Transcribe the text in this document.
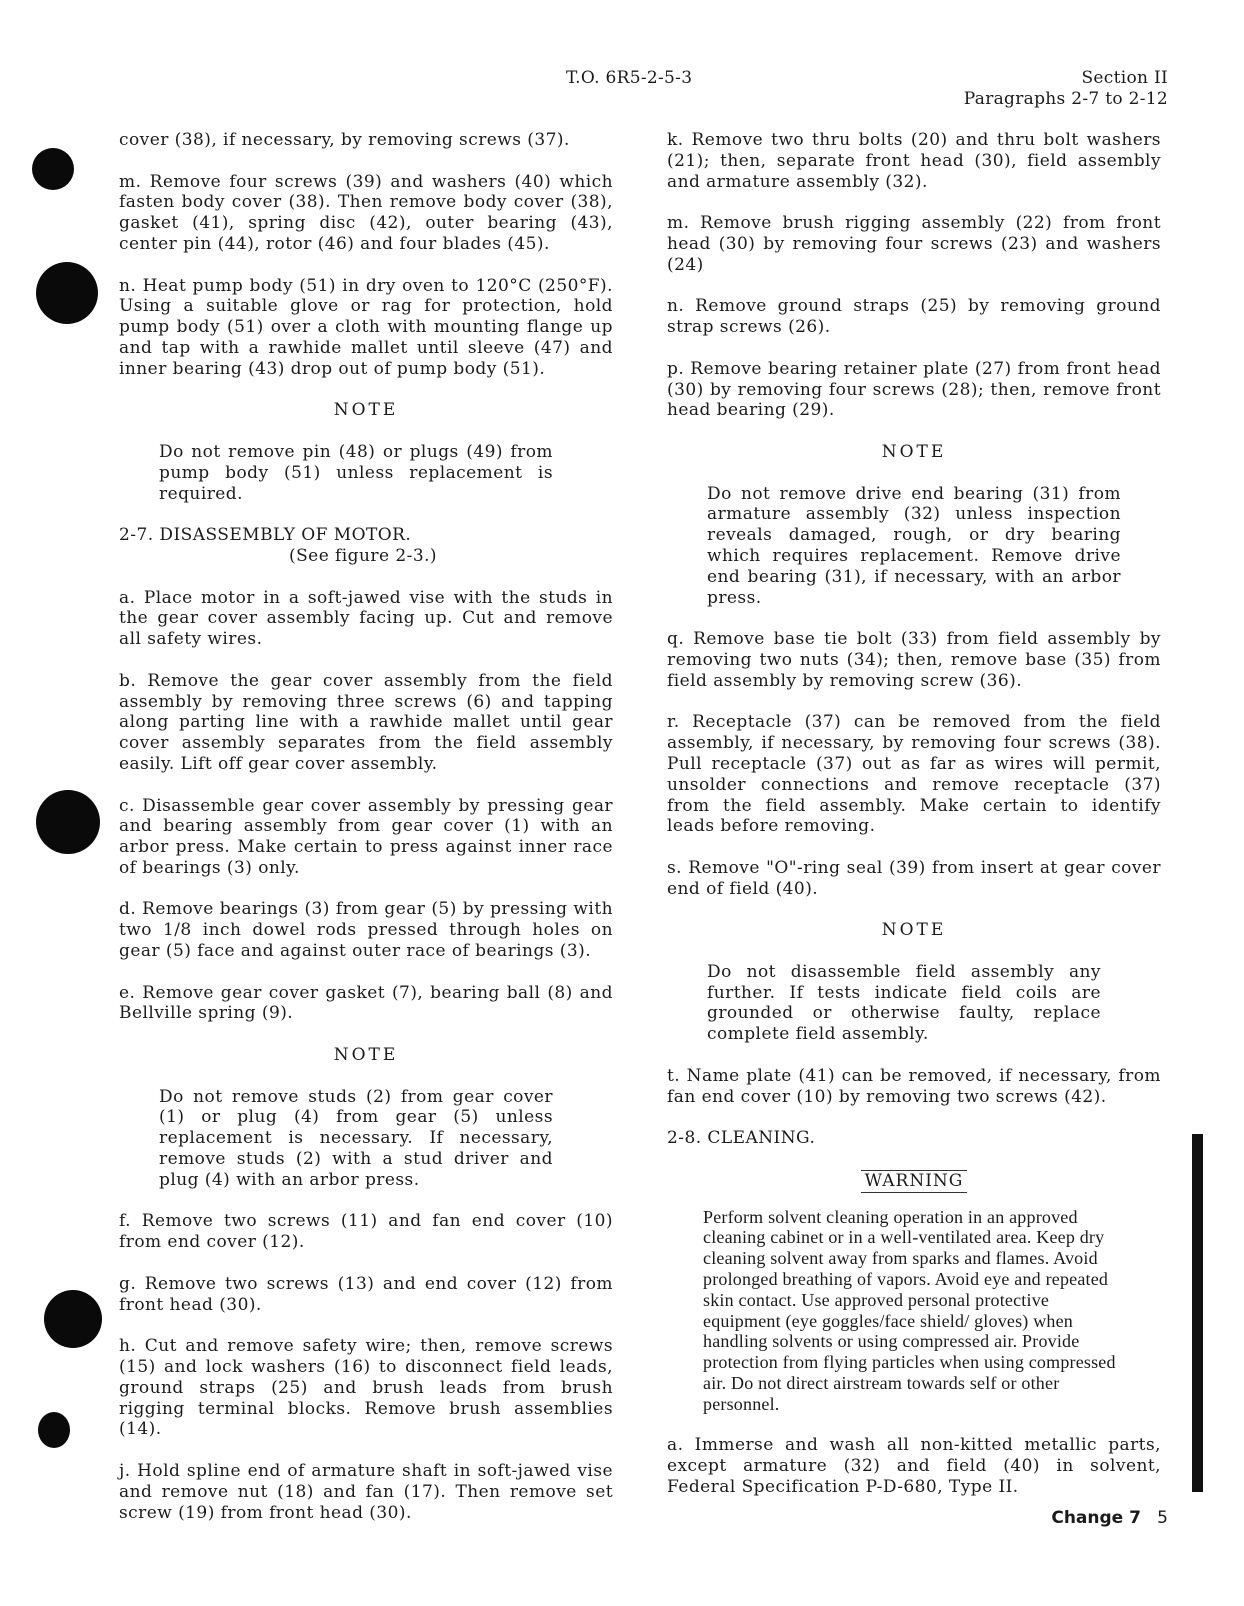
T.O. 6R5-2-5-3	Section II
Paragraphs 2-7 to 2-12

cover (38), if necessary, by removing screws (37).

m. Remove four screws (39) and washers (40) which fasten body cover (38). Then remove body cover (38), gasket (41), spring disc (42), outer bearing (43), center pin (44), rotor (46) and four blades (45).

n. Heat pump body (51) in dry oven to 120°C (250°F). Using a suitable glove or rag for protection, hold pump body (51) over a cloth with mounting flange up and tap with a rawhide mallet until sleeve (47) and inner bearing (43) drop out of pump body (51).

NOTE
Do not remove pin (48) or plugs (49) from pump body (51) unless replacement is required.
2-7. DISASSEMBLY OF MOTOR.
(See figure 2-3.)

a. Place motor in a soft-jawed vise with the studs in the gear cover assembly facing up. Cut and remove all safety wires.

b. Remove the gear cover assembly from the field assembly by removing three screws (6) and tapping along parting line with a rawhide mallet until gear cover assembly separates from the field assembly easily. Lift off gear cover assembly.

c. Disassemble gear cover assembly by pressing gear and bearing assembly from gear cover (1) with an arbor press. Make certain to press against inner race of bearings (3) only.

d. Remove bearings (3) from gear (5) by pressing with two 1/8 inch dowel rods pressed through holes on gear (5) face and against outer race of bearings (3).

e. Remove gear cover gasket (7), bearing ball (8) and Bellville spring (9).

NOTE
Do not remove studs (2) from gear cover (1) or plug (4) from gear (5) unless replacement is necessary. If necessary, remove studs (2) with a stud driver and plug (4) with an arbor press.

f. Remove two screws (11) and fan end cover (10) from end cover (12).

g. Remove two screws (13) and end cover (12) from front head (30).

h. Cut and remove safety wire; then, remove screws (15) and lock washers (16) to disconnect field leads, ground straps (25) and brush leads from brush rigging terminal blocks. Remove brush assemblies (14).

j. Hold spline end of armature shaft in soft-jawed vise and remove nut (18) and fan (17). Then remove set screw (19) from front head (30).

k. Remove two thru bolts (20) and thru bolt washers (21); then, separate front head (30), field assembly and armature assembly (32).

m. Remove brush rigging assembly (22) from front head (30) by removing four screws (23) and washers (24)

n. Remove ground straps (25) by removing ground strap screws (26).

p. Remove bearing retainer plate (27) from front head (30) by removing four screws (28); then, remove front head bearing (29).

NOTE
Do not remove drive end bearing (31) from armature assembly (32) unless inspection reveals damaged, rough, or dry bearing which requires replacement. Remove drive end bearing (31), if necessary, with an arbor press.

q. Remove base tie bolt (33) from field assembly by removing two nuts (34); then, remove base (35) from field assembly by removing screw (36).

r. Receptacle (37) can be removed from the field assembly, if necessary, by removing four screws (38). Pull receptacle (37) out as far as wires will permit, unsolder connections and remove receptacle (37) from the field assembly. Make certain to identify leads before removing.

s. Remove "O"-ring seal (39) from insert at gear cover end of field (40).

NOTE
Do not disassemble field assembly any further. If tests indicate field coils are grounded or otherwise faulty, replace complete field assembly.

t. Name plate (41) can be removed, if necessary, from fan end cover (10) by removing two screws (42).

2-8. CLEANING.

WARNING
Perform solvent cleaning operation in an approved cleaning cabinet or in a well-ventilated area. Keep dry cleaning solvent away from sparks and flames. Avoid prolonged breathing of vapors. Avoid eye and repeated skin contact. Use approved personal protective equipment (eye goggles/face shield/ gloves) when handling solvents or using compressed air. Provide protection from flying particles when using compressed air. Do not direct airstream towards self or other personnel.

a. Immerse and wash all non-kitted metallic parts, except armature (32) and field (40) in solvent, Federal Specification P-D-680, Type II.

Change 7 5
